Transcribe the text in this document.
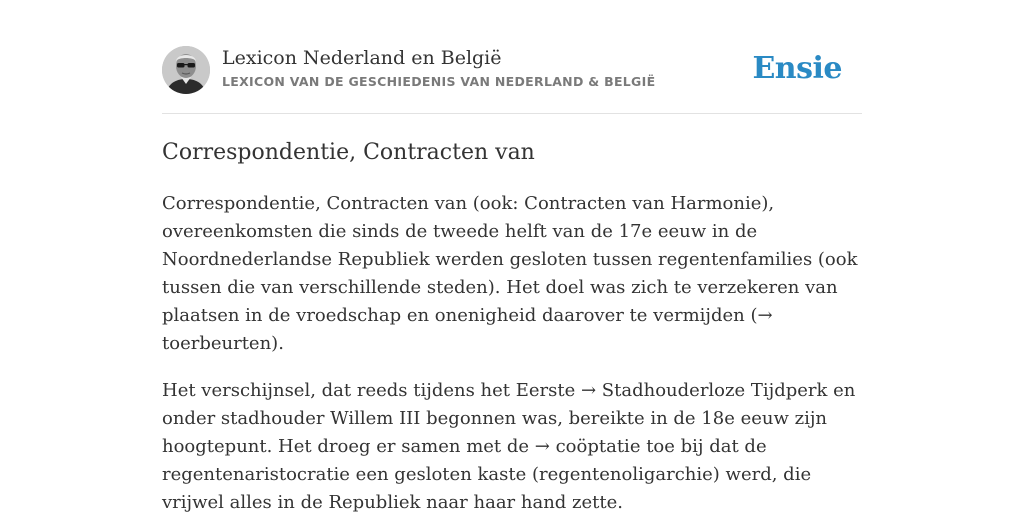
Lexicon Nederland en België
LEXICON VAN DE GESCHIEDENIS VAN NEDERLAND & BELGIË	Ensie
Correspondentie, Contracten van

Correspondentie, Contracten van (ook: Contracten van Harmonie), overeenkomsten die sinds de tweede helft van de 17e eeuw in de Noordnederlandse Republiek werden gesloten tussen regentenfamilies (ook tussen die van verschillende steden). Het doel was zich te verzekeren van plaatsen in de vroedschap en onenigheid daarover te vermijden (→ toerbeurten).

Het verschijnsel, dat reeds tijdens het Eerste → Stadhouderloze Tijdperk en onder stadhouder Willem III begonnen was, bereikte in de 18e eeuw zijn hoogtepunt. Het droeg er samen met de → coöptatie toe bij dat de regentenaristocratie een gesloten kaste (regentenoligarchie) werd, die vrijwel alles in de Republiek naar haar hand zette.
